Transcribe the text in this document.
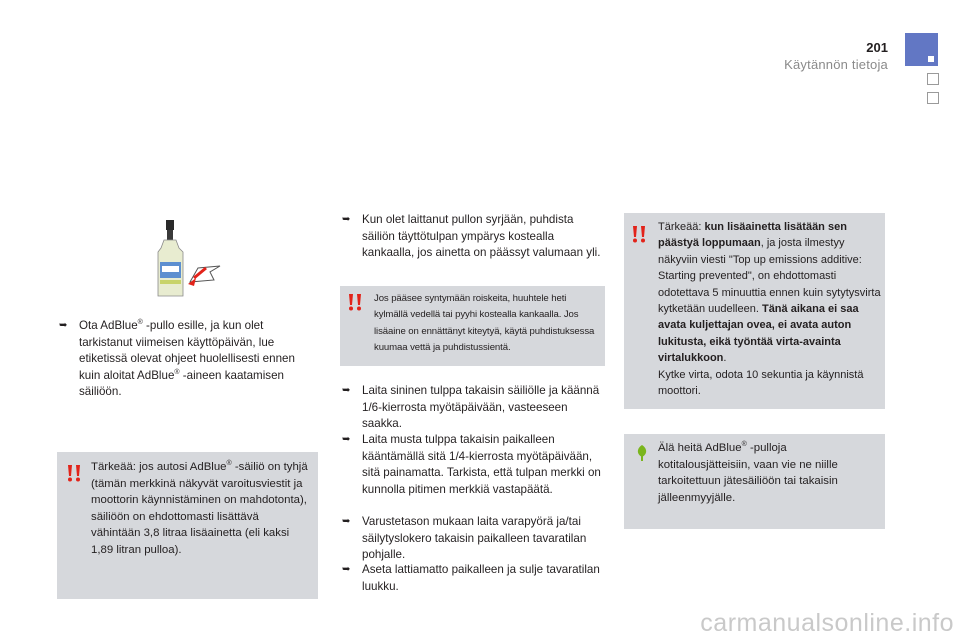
201
Käytännön tietoja
➥ Ota AdBlue® -pullo esille, ja kun olet tarkistanut viimeisen käyttöpäivän, lue etiketissä olevat ohjeet huolellisesti ennen kuin aloitat AdBlue® -aineen kaatamisen säiliöön.
Tärkeää: jos autosi AdBlue® -säiliö on tyhjä (tämän merkkinä näkyvät varoitusviestit ja moottorin käynnistäminen on mahdotonta), säiliöön on ehdottomasti lisättävä vähintään 3,8 litraa lisäainetta (eli kaksi 1,89 litran pulloa).
➥ Kun olet laittanut pullon syrjään, puhdista säiliön täyttötulpan ympärys kostealla kankaalla, jos ainetta on päässyt valumaan yli.
Jos pääsee syntymään roiskeita, huuhtele heti kylmällä vedellä tai pyyhi kostealla kankaalla. Jos lisäaine on ennättänyt kiteytyä, käytä puhdistuksessa kuumaa vettä ja puhdistussientä.
➥ Laita sininen tulppa takaisin säiliölle ja käännä 1/6-kierrosta myötäpäivään, vasteeseen saakka.
➥ Laita musta tulppa takaisin paikalleen kääntämällä sitä 1/4-kierrosta myötäpäivään, sitä painamatta. Tarkista, että tulpan merkki on kunnolla pitimen merkkiä vastapäätä.
➥ Varustetason mukaan laita varapyörä ja/tai säilytyslokero takaisin paikalleen tavaratilan pohjalle.
➥ Aseta lattiamatto paikalleen ja sulje tavaratilan luukku.
Tärkeää: kun lisäainetta lisätään sen päästyä loppumaan, ja josta ilmestyy näkyviin viesti "Top up emissions additive: Starting prevented", on ehdottomasti odotettava 5 minuuttia ennen kuin sytytysvirta kytketään uudelleen. Tänä aikana ei saa avata kuljettajan ovea, ei avata auton lukitusta, eikä työntää virta-avainta virtalukkoon.
Kytke virta, odota 10 sekuntia ja käynnistä moottori.
Älä heitä AdBlue® -pulloja kotitalousjätteisiin, vaan vie ne niille tarkoitettuun jätesäiliöön tai takaisin jälleenmyyjälle.
carmanualsonline.info
